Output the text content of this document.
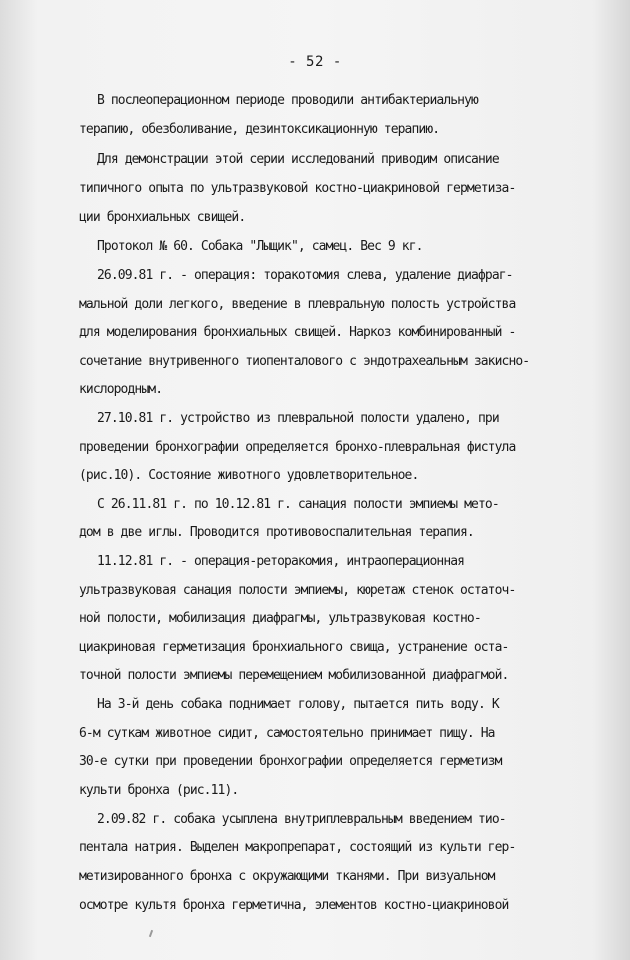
- 52 -
В послеоперационном периоде проводили антибактериальную
терапию, обезболивание, дезинтоксикационную терапию.
Для демонстрации этой серии исследований приводим описание
типичного опыта по ультразвуковой костно-циакриновой герметиза-
ции бронхиальных свищей.
Протокол № 60. Собака "Лыщик", самец. Вес 9 кг.
26.09.81 г. - операция: торакотомия слева, удаление диафраг-
мальной доли легкого, введение в плевральную полость устройства
для моделирования бронхиальных свищей. Наркоз комбинированный -
сочетание внутривенного тиопенталового с эндотрахеальным закисно-
кислородным.
27.10.81 г. устройство из плевральной полости удалено, при
проведении бронхографии определяется бронхо-плевральная фистула
(рис.10). Состояние животного удовлетворительное.
С 26.11.81 г. по 10.12.81 г. санация полости эмпиемы мето-
дом в две иглы. Проводится противовоспалительная терапия.
11.12.81 г. - операция-реторакомия, интраоперационная
ультразвуковая санация полости эмпиемы, кюретаж стенок остаточ-
ной полости, мобилизация диафрагмы, ультразвуковая костно-
циакриновая герметизация бронхиального свища, устранение оста-
точной полости эмпиемы перемещением мобилизованной диафрагмой.
На 3-й день собака поднимает голову, пытается пить воду. К
6-м суткам животное сидит, самостоятельно принимает пищу. На
30-е сутки при проведении бронхографии определяется герметизм
культи бронха (рис.11).
2.09.82 г. собака усыплена внутриплевральным введением тио-
пентала натрия. Выделен макропрепарат, состоящий из культи гер-
метизированного бронха с окружающими тканями. При визуальном
осмотре культя бронха герметична, элементов костно-циакриновой
